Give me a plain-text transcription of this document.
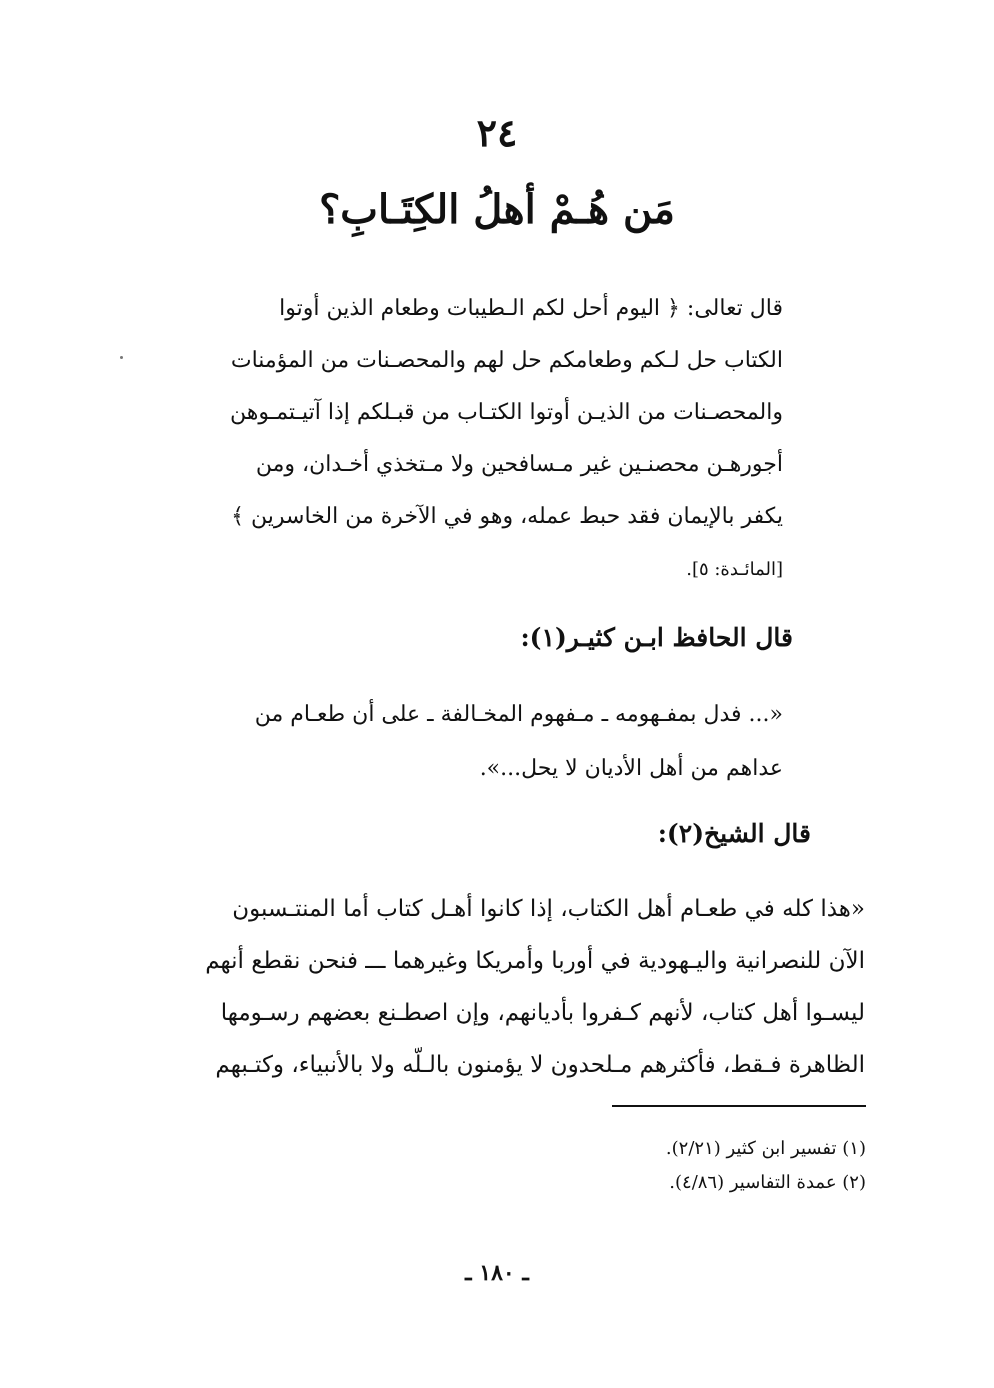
٢٤
مَن هُـمْ أهلُ الكِتَـابِ؟
قال تعالى: ﴿ اليوم أحل لكم الـطيبات وطعام الذين أوتوا
الكتاب حل لـكم وطعامكم حل لهم والمحصـنات من المؤمنات
والمحصـنات من الذيـن أوتوا الكتـاب من قبـلكم إذا آتيـتمـوهن
أجورهـن محصنـين غير مـسافحين ولا مـتخذي أخـدان، ومن
يكفر بالإيمان فقد حبط عمله، وهو في الآخرة من الخاسرين ﴾
[المائـدة: ٥].
قال الحافظ ابـن كثيـر(١):
«... فدل بمفـهومه ـ مـفهوم المخـالفة ـ على أن طعـام من
عداهم من أهل الأديان لا يحل...».
قال الشيخ(٢):
«هذا كله في طعـام أهل الكتاب، إذا كانوا أهـل كتاب أما المنتـسبون
الآن للنصرانية واليـهودية في أوربا وأمريكا وغيرهما ـــ فنحن نقطع أنهم
ليسـوا أهل كتاب، لأنهم كـفروا بأديانهم، وإن اصطـنع بعضهم رسـومها
الظاهرة فـقط، فأكثرهم مـلحدون لا يؤمنون بالـلّه ولا بالأنبياء، وكتـبهم
(١) تفسير ابن كثير (٢/٢١).
(٢) عمدة التفاسير (٤/٨٦).
ـ ١٨٠ ـ
